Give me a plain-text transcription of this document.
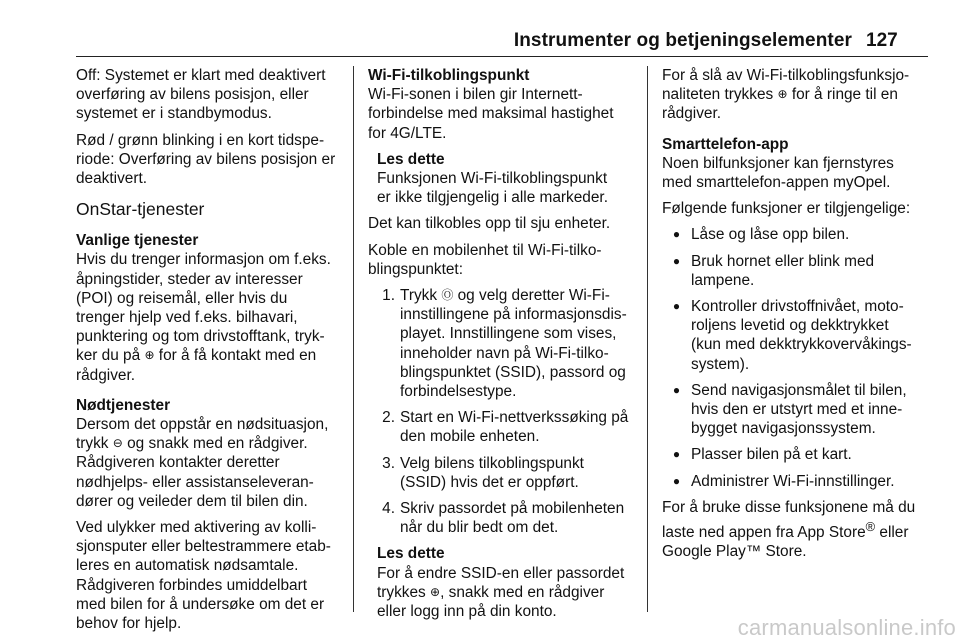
Instrumenter og betjeningselementer 127

Off: Systemet er klart med deaktivert
overføring av bilens posisjon, eller
systemet er i standbymodus.

Rød / grønn blinking i en kort tidspe-
riode: Overføring av bilens posisjon er
deaktivert.

OnStar-tjenester

Vanlige tjenester
Hvis du trenger informasjon om f.eks.
åpningstider, steder av interesser
(POI) og reisemål, eller hvis du
trenger hjelp ved f.eks. bilhavari,
punktering og tom drivstofftank, tryk-
ker du på ⊕ for å få kontakt med en
rådgiver.

Nødtjenester
Dersom det oppstår en nødsituasjon,
trykk ⊖ og snakk med en rådgiver.
Rådgiveren kontakter deretter
nødhjelps- eller assistanseleveran-
dører og veileder dem til bilen din.

Ved ulykker med aktivering av kolli-
sjonsputer eller beltestrammere etab-
leres en automatisk nødsamtale.
Rådgiveren forbindes umiddelbart
med bilen for å undersøke om det er
behov for hjelp.

Wi-Fi-tilkoblingspunkt
Wi-Fi-sonen i bilen gir Internett-
forbindelse med maksimal hastighet
for 4G/LTE.

Les dette
Funksjonen Wi-Fi-tilkoblingspunkt
er ikke tilgjengelig i alle markeder.

Det kan tilkobles opp til sju enheter.

Koble en mobilenhet til Wi-Fi-tilko-
blingspunktet:

1. Trykk Ⓞ og velg deretter Wi-Fi-
innstillingene på informasjonsdis-
playet. Innstillingene som vises,
inneholder navn på Wi-Fi-tilko-
blingspunktet (SSID), passord og
forbindelsestype.
2. Start en Wi-Fi-nettverkssøking på
den mobile enheten.
3. Velg bilens tilkoblingspunkt
(SSID) hvis det er oppført.
4. Skriv passordet på mobilenheten
når du blir bedt om det.
Les dette
For å endre SSID-en eller passordet
trykkes ⊕, snakk med en rådgiver
eller logg inn på din konto.

For å slå av Wi-Fi-tilkoblingsfunksjo-
naliteten trykkes ⊕ for å ringe til en
rådgiver.

Smarttelefon-app
Noen bilfunksjoner kan fjernstyres
med smarttelefon-appen myOpel.

Følgende funksjoner er tilgjengelige:

● Låse og låse opp bilen.
● Bruk hornet eller blink med
lampene.
● Kontroller drivstoffnivået, moto-
roljens levetid og dekktrykket
(kun med dekktrykkovervåkings-
system).
● Send navigasjonsmålet til bilen,
hvis den er utstyrt med et inne-
bygget navigasjonssystem.
● Plasser bilen på et kart.
● Administrer Wi-Fi-innstillinger.

For å bruke disse funksjonene må du
laste ned appen fra App Store® eller
Google Play™ Store.

carmanualsonline.info
